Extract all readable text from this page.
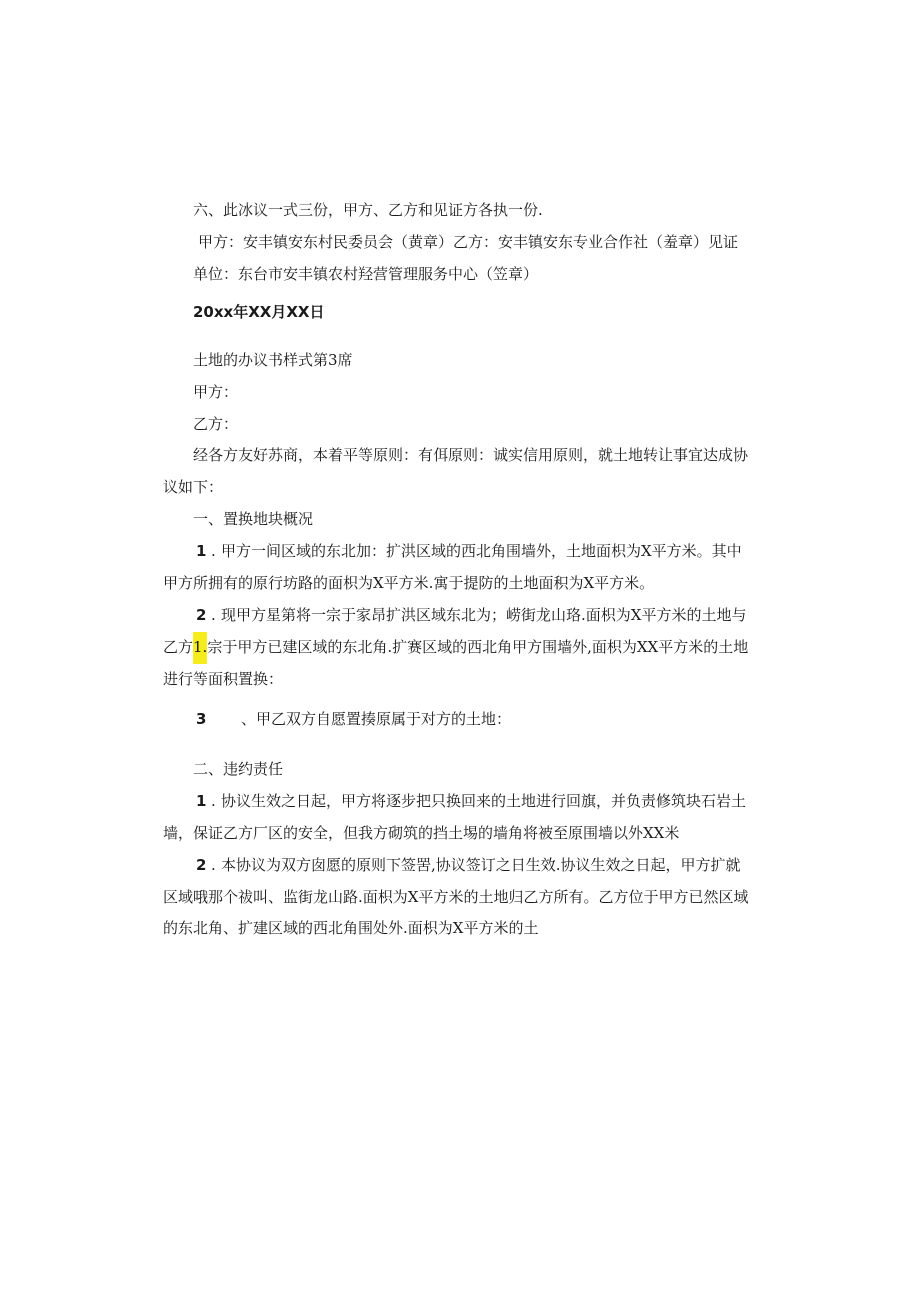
六、此冰议一式三份，甲方、乙方和见证方各执一份.
甲方：安丰镇安东村民委员会（黄章）乙方：安丰镇安东专业合作社（羞章）见证
单位：东台市安丰镇农村羟营管理服务中心（笠章）
20xx年XX月XX日
土地的办议书样式第3席
甲方：
乙方：
经各方友好苏商，本着平等原则：有佴原则：诚实信用原则，就土地转让事宜达成协
议如下：
一、置换地块概况
1 . 甲方一间区域的东北加：扩洪区域的西北角围墙外，土地面枳为X平方米。其中
甲方所拥有的原行坊路的面枳为X平方米.寓于提防的土地面积为X平方米。
2 . 现甲方星第将一宗于家昂扩洪区域东北为；崂街龙山珞.面枳为X平方米的土地与
乙方1.宗于甲方已建区域的东北角.扩赛区域的西北角甲方围墙外,面枳为XX平方米的土地
进行等面积置换：
3 、甲乙双方自愿置揍原属于对方的土地：
二、违约责任
1 . 协议生效之日起，甲方将逐步把只换回来的土地进行回旗，并负责修筑块石岩土
墙，保证乙方厂区的安全，但我方砌筑的挡土埸的墙角将被至原围墙以外XX米
2 . 本协议为双方囱愿的原则下签罟,协议签订之日生效.协议生效之日起，甲方扩就
区域哦那个祓叫、监街龙山路.面枳为X平方米的土地归乙方所有。乙方位于甲方已然区域
的东北角、扩建区域的西北角围处外.面枳为X平方米的土
